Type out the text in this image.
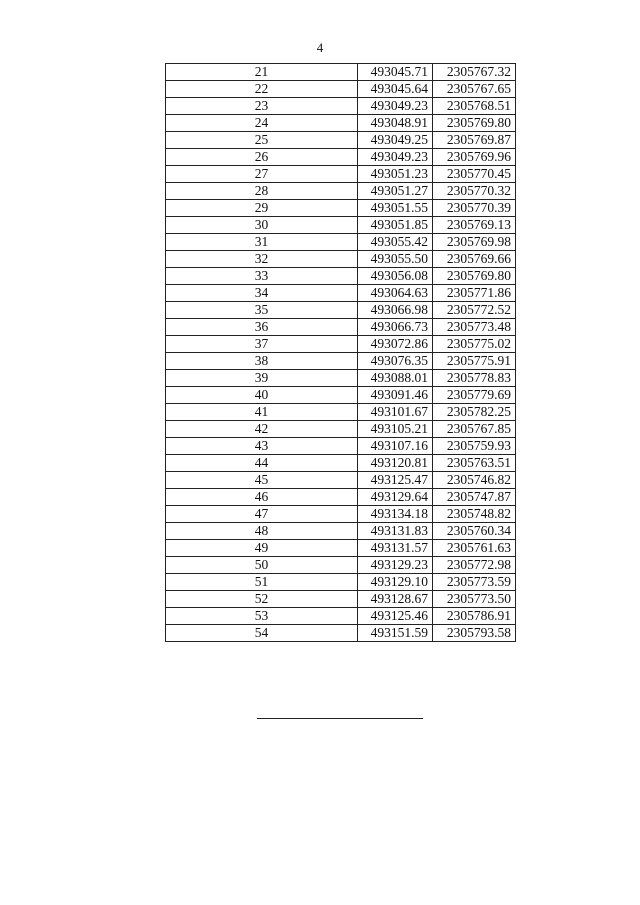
4
21	493045.71	2305767.32
22	493045.64	2305767.65
23	493049.23	2305768.51
24	493048.91	2305769.80
25	493049.25	2305769.87
26	493049.23	2305769.96
27	493051.23	2305770.45
28	493051.27	2305770.32
29	493051.55	2305770.39
30	493051.85	2305769.13
31	493055.42	2305769.98
32	493055.50	2305769.66
33	493056.08	2305769.80
34	493064.63	2305771.86
35	493066.98	2305772.52
36	493066.73	2305773.48
37	493072.86	2305775.02
38	493076.35	2305775.91
39	493088.01	2305778.83
40	493091.46	2305779.69
41	493101.67	2305782.25
42	493105.21	2305767.85
43	493107.16	2305759.93
44	493120.81	2305763.51
45	493125.47	2305746.82
46	493129.64	2305747.87
47	493134.18	2305748.82
48	493131.83	2305760.34
49	493131.57	2305761.63
50	493129.23	2305772.98
51	493129.10	2305773.59
52	493128.67	2305773.50
53	493125.46	2305786.91
54	493151.59	2305793.58
